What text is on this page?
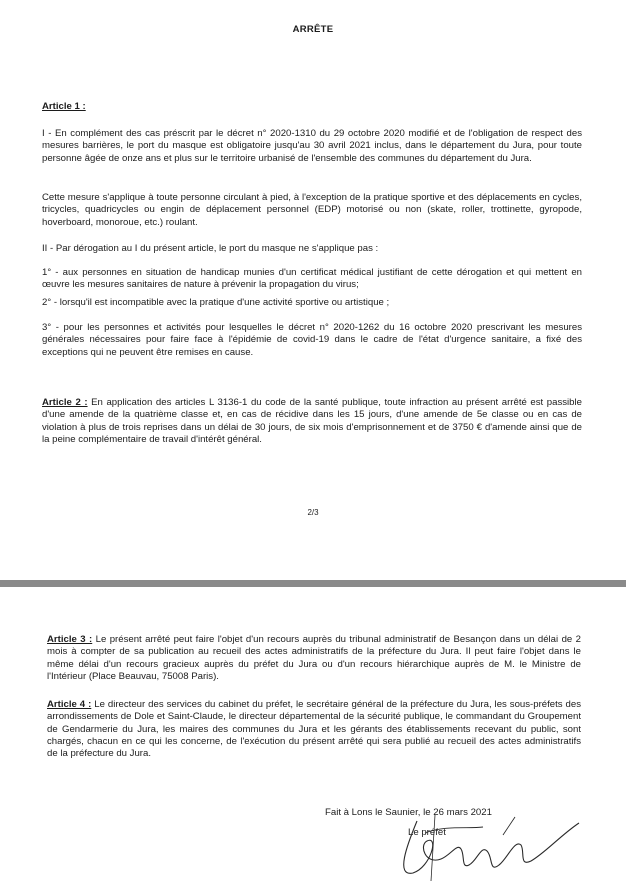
ARRÊTE
Article 1 :

I - En complément des cas préscrit par le décret n° 2020-1310 du 29 octobre 2020 modifié et de l'obligation de respect des mesures barrières, le port du masque est obligatoire jusqu'au 30 avril 2021 inclus, dans le département du Jura, pour toute personne âgée de onze ans et plus sur le territoire urbanisé de l'ensemble des communes du département du Jura.

Cette mesure s'applique à toute personne circulant à pied, à l'exception de la pratique sportive et des déplacements en cycles, tricycles, quadricycles ou engin de déplacement personnel (EDP) motorisé ou non (skate, roller, trottinette, gyropode, hoverboard, monoroue, etc.) roulant.

II - Par dérogation au I du présent article, le port du masque ne s'applique pas :

1° - aux personnes en situation de handicap munies d'un certificat médical justifiant de cette dérogation et qui mettent en œuvre les mesures sanitaires de nature à prévenir la propagation du virus;

2° - lorsqu'il est incompatible avec la pratique d'une activité sportive ou artistique ;

3° - pour les personnes et activités pour lesquelles le décret n° 2020-1262 du 16 octobre 2020 prescrivant les mesures générales nécessaires pour faire face à l'épidémie de covid-19 dans le cadre de l'état d'urgence sanitaire, a fixé des exceptions qui ne peuvent être remises en cause.

Article 2 : En application des articles L 3136-1 du code de la santé publique, toute infraction au présent arrêté est passible d'une amende de la quatrième classe et, en cas de récidive dans les 15 jours, d'une amende de 5e classe ou en cas de violation à plus de trois reprises dans un délai de 30 jours, de six mois d'emprisonnement et de 3750 € d'amende ainsi que de la peine complémentaire de travail d'intérêt général.

2/3

Article 3 : Le présent arrêté peut faire l'objet d'un recours auprès du tribunal administratif de Besançon dans un délai de 2 mois à compter de sa publication au recueil des actes administratifs de la préfecture du Jura. Il peut faire l'objet dans le même délai d'un recours gracieux auprès du préfet du Jura ou d'un recours hiérarchique auprès de M. le Ministre de l'Intérieur (Place Beauvau, 75008 Paris).

Article 4 : Le directeur des services du cabinet du préfet, le secrétaire général de la préfecture du Jura, les sous-préfets des arrondissements de Dole et Saint-Claude, le directeur départemental de la sécurité publique, le commandant du Groupement de Gendarmerie du Jura, les maires des communes du Jura et les gérants des établissements recevant du public, sont chargés, chacun en ce qui les concerne, de l'exécution du présent arrêté qui sera publié au recueil des actes administratifs de la préfecture du Jura.

Fait à Lons le Saunier, le 26 mars 2021
Le préfet
